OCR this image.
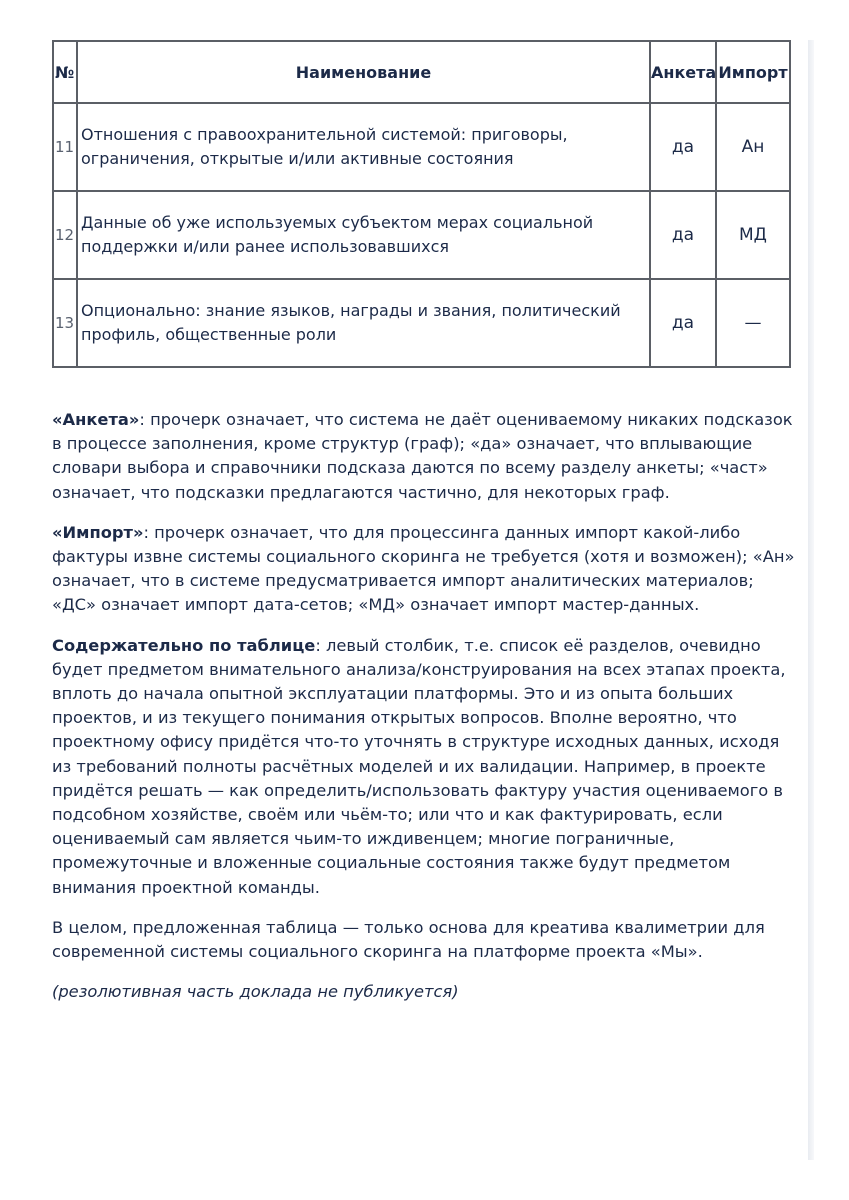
№	Наименование	Анкета	Импорт
11	Отношения с правоохранительной системой: приговоры, ограничения, открытые и/или активные состояния	да	Ан
12	Данные об уже используемых субъектом мерах социальной поддержки и/или ранее использовавшихся	да	МД
13	Опционально: знание языков, награды и звания, политический профиль, общественные роли	да	—

«Анкета»: прочерк означает, что система не даёт оцениваемому никаких подсказок в процессе заполнения, кроме структур (граф); «да» означает, что вплывающие словари выбора и справочники подсказа даются по всему разделу анкеты; «част» означает, что подсказки предлагаются частично, для некоторых граф.

«Импорт»: прочерк означает, что для процессинга данных импорт какой-либо фактуры извне системы социального скоринга не требуется (хотя и возможен); «Ан» означает, что в системе предусматривается импорт аналитических материалов; «ДС» означает импорт дата-сетов; «МД» означает импорт мастер-данных.

Содержательно по таблице: левый столбик, т.е. список её разделов, очевидно будет предметом внимательного анализа/конструирования на всех этапах проекта, вплоть до начала опытной эксплуатации платформы. Это и из опыта больших проектов, и из текущего понимания открытых вопросов. Вполне вероятно, что проектному офису придётся что-то уточнять в структуре исходных данных, исходя из требований полноты расчётных моделей и их валидации. Например, в проекте придётся решать — как определить/использовать фактуру участия оцениваемого в подсобном хозяйстве, своём или чьём-то; или что и как фактурировать, если оцениваемый сам является чьим-то иждивенцем; многие пограничные, промежуточные и вложенные социальные состояния также будут предметом внимания проектной команды.

В целом, предложенная таблица — только основа для креатива квалиметрии для современной системы социального скоринга на платформе проекта «Мы».

(резолютивная часть доклада не публикуется)
